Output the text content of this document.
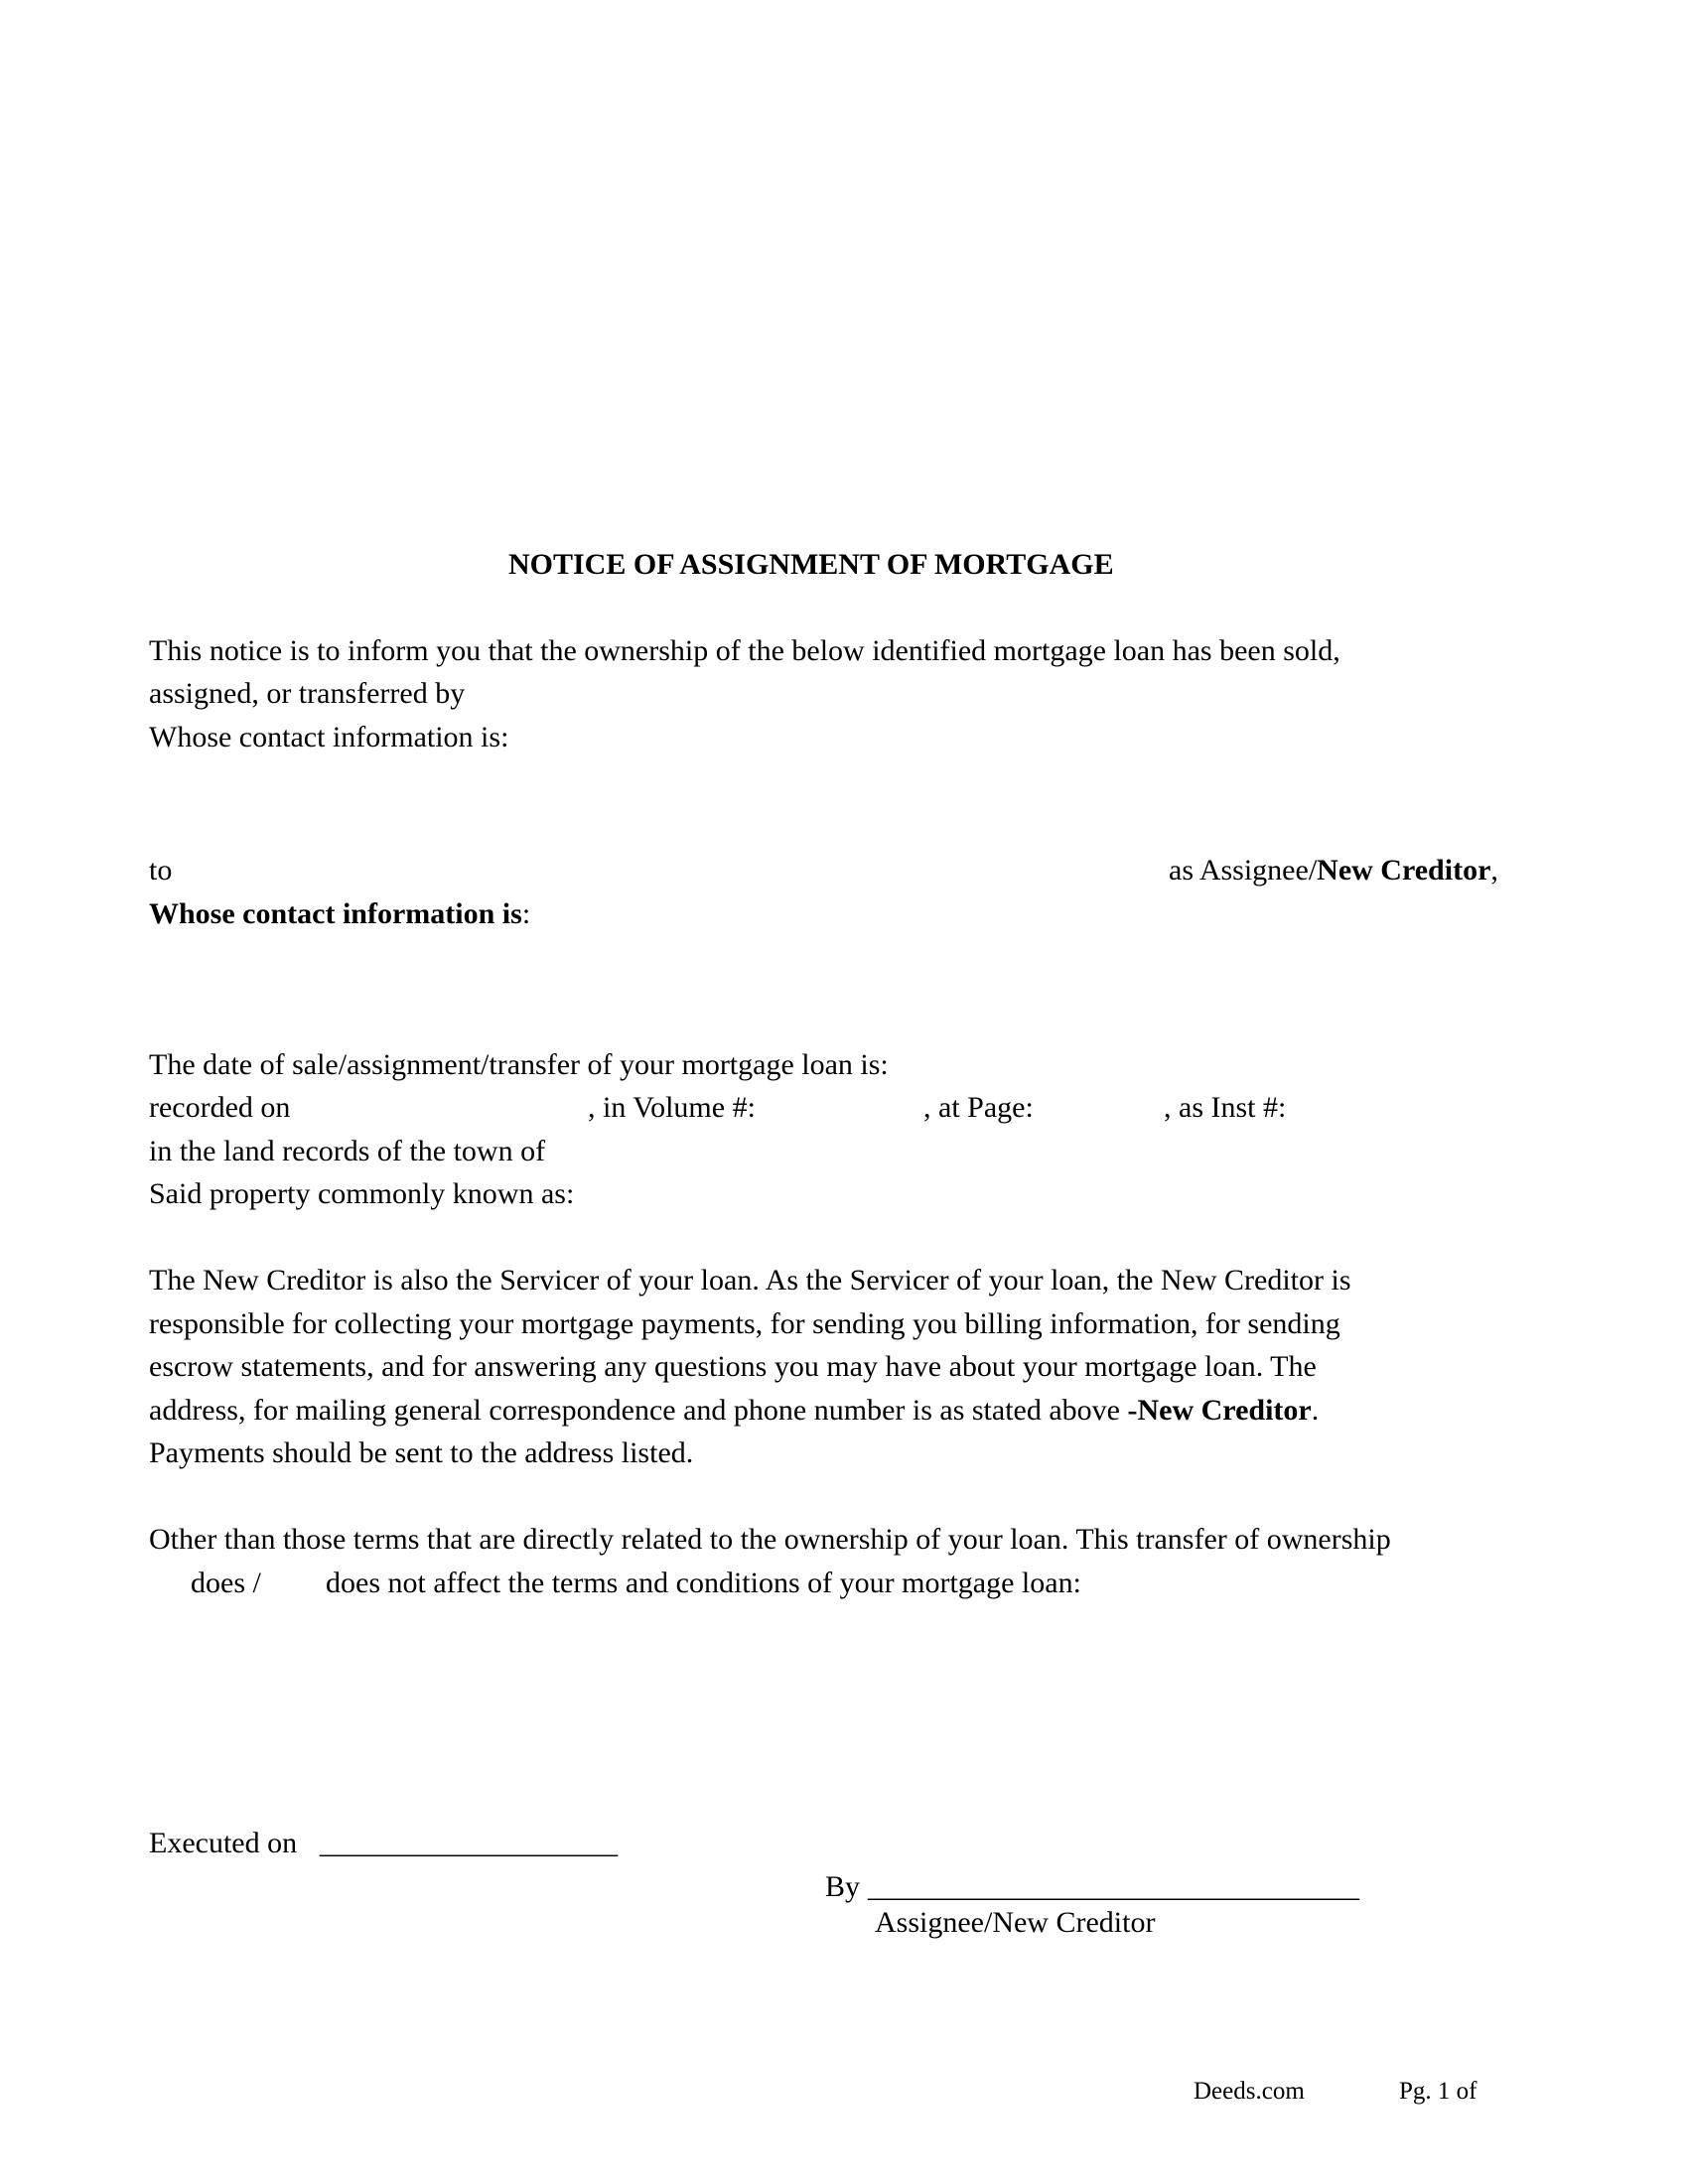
NOTICE OF ASSIGNMENT OF MORTGAGE
This notice is to inform you that the ownership of the below identified mortgage loan has been sold,
assigned, or transferred by
Whose contact information is:
to	as Assignee/New Creditor,
Whose contact information is:
The date of sale/assignment/transfer of your mortgage loan is:
recorded on	, in Volume #:	, at Page:	, as Inst #:
in the land records of the town of
Said property commonly known as:
The New Creditor is also the Servicer of your loan. As the Servicer of your loan, the New Creditor is
responsible for collecting your mortgage payments, for sending you billing information, for sending
escrow statements, and for answering any questions you may have about your mortgage loan. The
address, for mailing general correspondence and phone number is as stated above -New Creditor.
Payments should be sent to the address listed.
Other than those terms that are directly related to the ownership of your loan. This transfer of ownership
does / does not affect the terms and conditions of your mortgage loan:
Executed on ____________________
By _________________________________
Assignee/New Creditor
Deeds.com	Pg. 1 of
